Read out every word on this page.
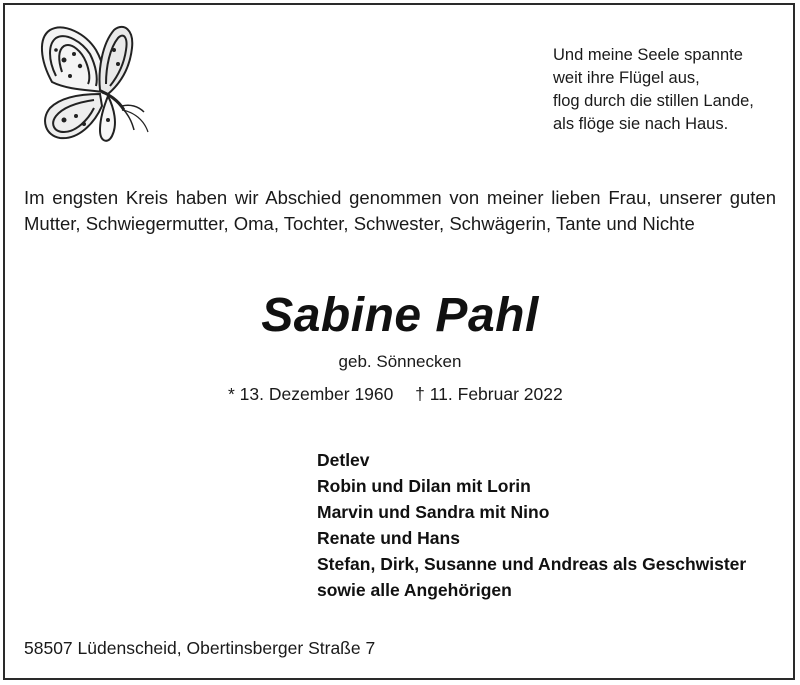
Und meine Seele spannte
weit ihre Flügel aus,
flog durch die stillen Lande,
als flöge sie nach Haus.
Im engsten Kreis haben wir Abschied genommen von meiner lieben Frau, unserer guten Mutter, Schwiegermutter, Oma, Tochter, Schwester, Schwägerin, Tante und Nichte
Sabine Pahl
geb. Sönnecken
* 13. Dezember 1960 † 11. Februar 2022
Detlev
Robin und Dilan mit Lorin
Marvin und Sandra mit Nino
Renate und Hans
Stefan, Dirk, Susanne und Andreas als Geschwister
sowie alle Angehörigen
58507 Lüdenscheid, Obertinsberger Straße 7
